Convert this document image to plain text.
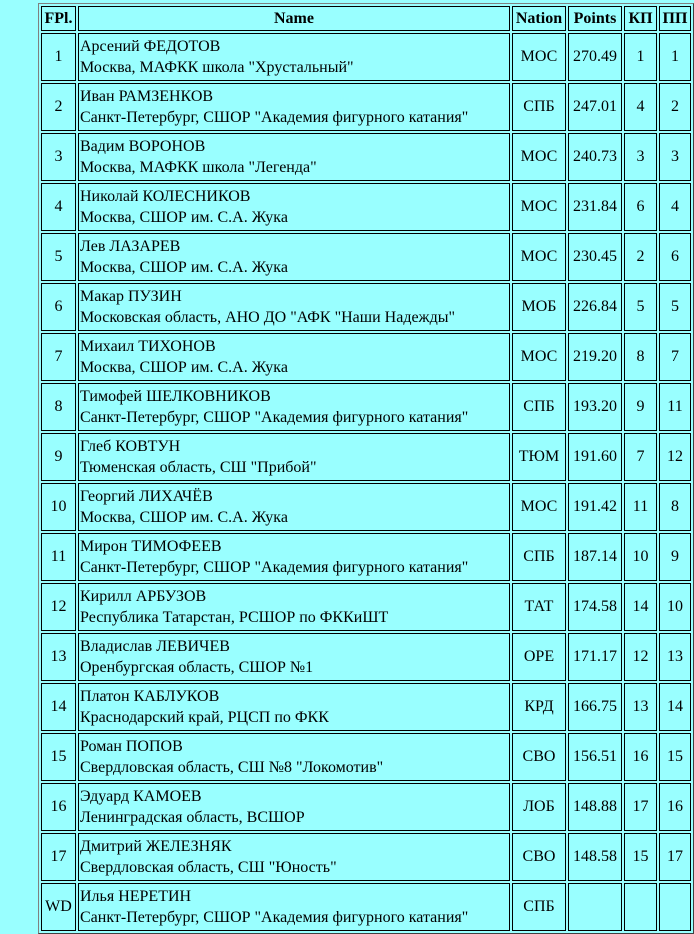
FPl.	Name	Nation	Points	КП	ПП
1	Арсений ФЕДОТОВ
Москва, МАФКК школа "Хрустальный"	МОС	270.49	1	1
2	Иван РАМЗЕНКОВ
Санкт-Петербург, СШОР "Академия фигурного катания"	СПБ	247.01	4	2
3	Вадим ВОРОНОВ
Москва, МАФКК школа "Легенда"	МОС	240.73	3	3
4	Николай КОЛЕСНИКОВ
Москва, СШОР им. С.А. Жука	МОС	231.84	6	4
5	Лев ЛАЗАРЕВ
Москва, СШОР им. С.А. Жука	МОС	230.45	2	6
6	Макар ПУЗИН
Московская область, АНО ДО "АФК "Наши Надежды"	МОБ	226.84	5	5
7	Михаил ТИХОНОВ
Москва, СШОР им. С.А. Жука	МОС	219.20	8	7
8	Тимофей ШЕЛКОВНИКОВ
Санкт-Петербург, СШОР "Академия фигурного катания"	СПБ	193.20	9	11
9	Глеб КОВТУН
Тюменская область, СШ "Прибой"	ТЮМ	191.60	7	12
10	Георгий ЛИХАЧЁВ
Москва, СШОР им. С.А. Жука	МОС	191.42	11	8
11	Мирон ТИМОФЕЕВ
Санкт-Петербург, СШОР "Академия фигурного катания"	СПБ	187.14	10	9
12	Кирилл АРБУЗОВ
Республика Татарстан, РСШОР по ФККиШТ	ТАТ	174.58	14	10
13	Владислав ЛЕВИЧЕВ
Оренбургская область, СШОР №1	ОРЕ	171.17	12	13
14	Платон КАБЛУКОВ
Краснодарский край, РЦСП по ФКК	КРД	166.75	13	14
15	Роман ПОПОВ
Свердловская область, СШ №8 "Локомотив"	СВО	156.51	16	15
16	Эдуард КАМОЕВ
Ленинградская область, ВСШОР	ЛОБ	148.88	17	16
17	Дмитрий ЖЕЛЕЗНЯК
Свердловская область, СШ "Юность"	СВО	148.58	15	17
WD	Илья НЕРЕТИН
Санкт-Петербург, СШОР "Академия фигурного катания"	СПБ			
